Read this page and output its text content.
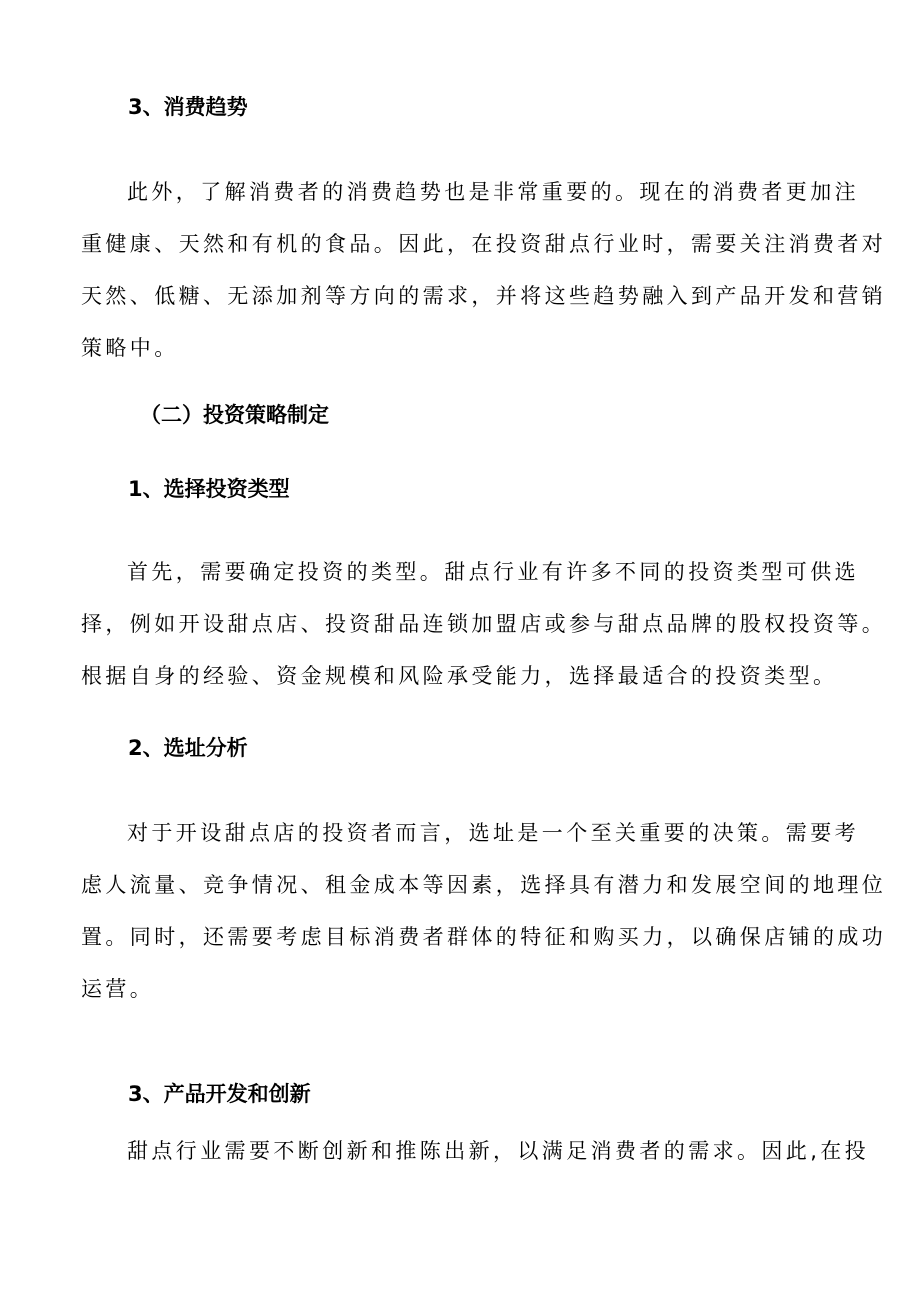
3、消费趋势
此外，了解消费者的消费趋势也是非常重要的。现在的消费者更加注
重健康、天然和有机的食品。因此，在投资甜点行业时，需要关注消费者对
天然、低糖、无添加剂等方向的需求，并将这些趋势融入到产品开发和营销
策略中。
（二）投资策略制定
1、选择投资类型
首先，需要确定投资的类型。甜点行业有许多不同的投资类型可供选
择，例如开设甜点店、投资甜品连锁加盟店或参与甜点品牌的股权投资等。
根据自身的经验、资金规模和风险承受能力，选择最适合的投资类型。
2、选址分析
对于开设甜点店的投资者而言，选址是一个至关重要的决策。需要考
虑人流量、竞争情况、租金成本等因素，选择具有潜力和发展空间的地理位
置。同时，还需要考虑目标消费者群体的特征和购买力，以确保店铺的成功
运营。
3、产品开发和创新
甜点行业需要不断创新和推陈出新，以满足消费者的需求。因此,在投
